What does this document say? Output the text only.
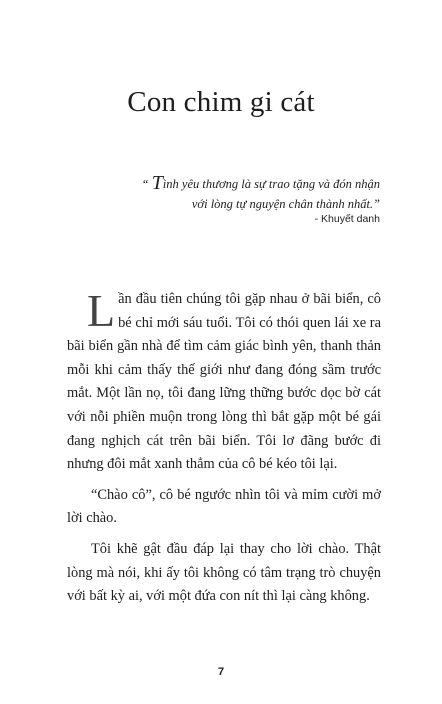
Con chim gi cát
“ Tình yêu thương là sự trao tặng và đón nhận
với lòng tự nguyện chân thành nhất.”
- Khuyết danh

Lần đầu tiên chúng tôi gặp nhau ở bãi biển, cô bé chỉ mới sáu tuổi. Tôi có thói quen lái xe ra bãi biển gần nhà để tìm cảm giác bình yên, thanh thản mỗi khi cảm thấy thế giới như đang đóng sầm trước mắt. Một lần nọ, tôi đang lững thững bước dọc bờ cát với nỗi phiền muộn trong lòng thì bắt gặp một bé gái đang nghịch cát trên bãi biển. Tôi lơ đãng bước đi nhưng đôi mắt xanh thẳm của cô bé kéo tôi lại.

“Chào cô”, cô bé ngước nhìn tôi và mỉm cười mở lời chào.

Tôi khẽ gật đầu đáp lại thay cho lời chào. Thật lòng mà nói, khi ấy tôi không có tâm trạng trò chuyện với bất kỳ ai, với một đứa con nít thì lại càng không.

7
